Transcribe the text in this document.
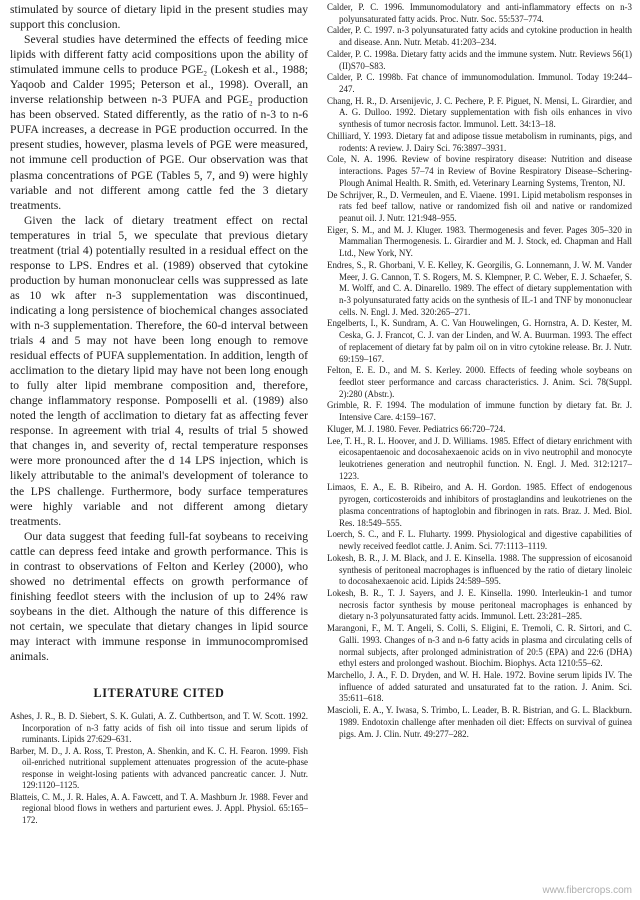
stimulated by source of dietary lipid in the present studies may support this conclusion.

Several studies have determined the effects of feeding mice lipids with different fatty acid compositions upon the ability of stimulated immune cells to produce PGE₂ (Lokesh et al., 1988; Yaqoob and Calder 1995; Peterson et al., 1998). Overall, an inverse relationship between n-3 PUFA and PGE₂ production has been observed. Stated differently, as the ratio of n-3 to n-6 PUFA increases, a decrease in PGE production occurred. In the present studies, however, plasma levels of PGE were measured, not immune cell production of PGE. Our observation was that plasma concentrations of PGE (Tables 5, 7, and 9) were highly variable and not different among cattle fed the 3 dietary treatments.

Given the lack of dietary treatment effect on rectal temperatures in trial 5, we speculate that previous dietary treatment (trial 4) potentially resulted in a residual effect on the response to LPS. Endres et al. (1989) observed that cytokine production by human mononuclear cells was suppressed as late as 10 wk after n-3 supplementation was discontinued, indicating a long persistence of biochemical changes associated with n-3 supplementation. Therefore, the 60-d interval between trials 4 and 5 may not have been long enough to remove residual effects of PUFA supplementation. In addition, length of acclimation to the dietary lipid may have not been long enough to fully alter lipid membrane composition and, therefore, change inflammatory response. Pomposelli et al. (1989) also noted the length of acclimation to dietary fat as affecting fever response. In agreement with trial 4, results of trial 5 showed that changes in, and severity of, rectal temperature responses were more pronounced after the d 14 LPS injection, which is likely attributable to the animal's development of tolerance to the LPS challenge. Furthermore, body surface temperatures were highly variable and not different among dietary treatments.

Our data suggest that feeding full-fat soybeans to receiving cattle can depress feed intake and growth performance. This is in contrast to observations of Felton and Kerley (2000), who showed no detrimental effects on growth performance of finishing feedlot steers with the inclusion of up to 24% raw soybeans in the diet. Although the nature of this difference is not certain, we speculate that dietary changes in lipid source may interact with immune response in immunocompromised animals.

LITERATURE CITED
Ashes, J. R., B. D. Siebert, S. K. Gulati, A. Z. Cuthbertson, and T. W. Scott. 1992. Incorporation of n-3 fatty acids of fish oil into tissue and serum lipids of ruminants. Lipids 27:629–631.
Barber, M. D., J. A. Ross, T. Preston, A. Shenkin, and K. C. H. Fearon. 1999. Fish oil-enriched nutritional supplement attenuates progression of the acute-phase response in weight-losing patients with advanced pancreatic cancer. J. Nutr. 129:1120–1125.
Blatteis, C. M., J. R. Hales, A. A. Fawcett, and T. A. Mashburn Jr. 1988. Fever and regional blood flows in wethers and parturient ewes. J. Appl. Physiol. 65:165–172.
Calder, P. C. 1996. Immunomodulatory and anti-inflammatory effects on n-3 polyunsaturated fatty acids. Proc. Nutr. Soc. 55:537–774.
Calder, P. C. 1997. n-3 polyunsaturated fatty acids and cytokine production in health and disease. Ann. Nutr. Metab. 41:203–234.
Calder, P. C. 1998a. Dietary fatty acids and the immune system. Nutr. Reviews 56(1)(II)S70–S83.
Calder, P. C. 1998b. Fat chance of immunomodulation. Immunol. Today 19:244–247.
Chang, H. R., D. Arsenijevic, J. C. Pechere, P. F. Piguet, N. Mensi, L. Girardier, and A. G. Dulloo. 1992. Dietary supplementation with fish oils enhances in vivo synthesis of tumor necrosis factor. Immunol. Lett. 34:13–18.
Chilliard, Y. 1993. Dietary fat and adipose tissue metabolism in ruminants, pigs, and rodents: A review. J. Dairy Sci. 76:3897–3931.
Cole, N. A. 1996. Review of bovine respiratory disease: Nutrition and disease interactions. Pages 57–74 in Review of Bovine Respiratory Disease–Schering-Plough Animal Health. R. Smith, ed. Veterinary Learning Systems, Trenton, NJ.
De Schrijver, R., D. Vermeulen, and E. Viaene. 1991. Lipid metabolism responses in rats fed beef tallow, native or randomized fish oil and native or randomized peanut oil. J. Nutr. 121:948–955.
Eiger, S. M., and M. J. Kluger. 1983. Thermogenesis and fever. Pages 305–320 in Mammalian Thermogenesis. L. Girardier and M. J. Stock, ed. Chapman and Hall Ltd., New York, NY.
Endres, S., R. Ghorbani, V. E. Kelley, K. Georgilis, G. Lonnemann, J. W. M. Vander Meer, J. G. Cannon, T. S. Rogers, M. S. Klempner, P. C. Weber, E. J. Schaefer, S. M. Wolff, and C. A. Dinarello. 1989. The effect of dietary supplementation with n-3 polyunsaturated fatty acids on the synthesis of IL-1 and TNF by mononuclear cells. N. Engl. J. Med. 320:265–271.
Engelberts, I., K. Sundram, A. C. Van Houwelingen, G. Hornstra, A. D. Kester, M. Ceska, G. J. Francot, C. J. van der Linden, and W. A. Buurman. 1993. The effect of replacement of dietary fat by palm oil on in vitro cytokine release. Br. J. Nutr. 69:159–167.
Felton, E. E. D., and M. S. Kerley. 2000. Effects of feeding whole soybeans on feedlot steer performance and carcass characteristics. J. Anim. Sci. 78(Suppl. 2):280 (Abstr.).
Grimble, R. F. 1994. The modulation of immune function by dietary fat. Br. J. Intensive Care. 4:159–167.
Kluger, M. J. 1980. Fever. Pediatrics 66:720–724.
Lee, T. H., R. L. Hoover, and J. D. Williams. 1985. Effect of dietary enrichment with eicosapentaenoic and docosahexaenoic acids on in vivo neutrophil and monocyte leukotrienes generation and neutrophil function. N. Engl. J. Med. 312:1217–1223.
Limaos, E. A., E. B. Ribeiro, and A. H. Gordon. 1985. Effect of endogenous pyrogen, corticosteroids and inhibitors of prostaglandins and leukotrienes on the plasma concentrations of haptoglobin and fibrinogen in rats. Braz. J. Med. Biol. Res. 18:549–555.
Loerch, S. C., and F. L. Fluharty. 1999. Physiological and digestive capabilities of newly received feedlot cattle. J. Anim. Sci. 77:1113–1119.
Lokesh, B. R., J. M. Black, and J. E. Kinsella. 1988. The suppression of eicosanoid synthesis of peritoneal macrophages is influenced by the ratio of dietary linoleic to docosahexaenoic acid. Lipids 24:589–595.
Lokesh, B. R., T. J. Sayers, and J. E. Kinsella. 1990. Interleukin-1 and tumor necrosis factor synthesis by mouse peritoneal macrophages is enhanced by dietary n-3 polyunsaturated fatty acids. Immunol. Lett. 23:281–285.
Marangoni, F., M. T. Angeli, S. Colli, S. Eligini, E. Tremoli, C. R. Sirtori, and C. Galli. 1993. Changes of n-3 and n-6 fatty acids in plasma and circulating cells of normal subjects, after prolonged administration of 20:5 (EPA) and 22:6 (DHA) ethyl esters and prolonged washout. Biochim. Biophys. Acta 1210:55–62.
Marchello, J. A., F. D. Dryden, and W. H. Hale. 1972. Bovine serum lipids IV. The influence of added saturated and unsaturated fat to the ration. J. Anim. Sci. 35:611–618.
Mascioli, E. A., Y. Iwasa, S. Trimbo, L. Leader, B. R. Bistrian, and G. L. Blackburn. 1989. Endotoxin challenge after menhaden oil diet: Effects on survival of guinea pigs. Am. J. Clin. Nutr. 49:277–282.
www.fibercrops.com
